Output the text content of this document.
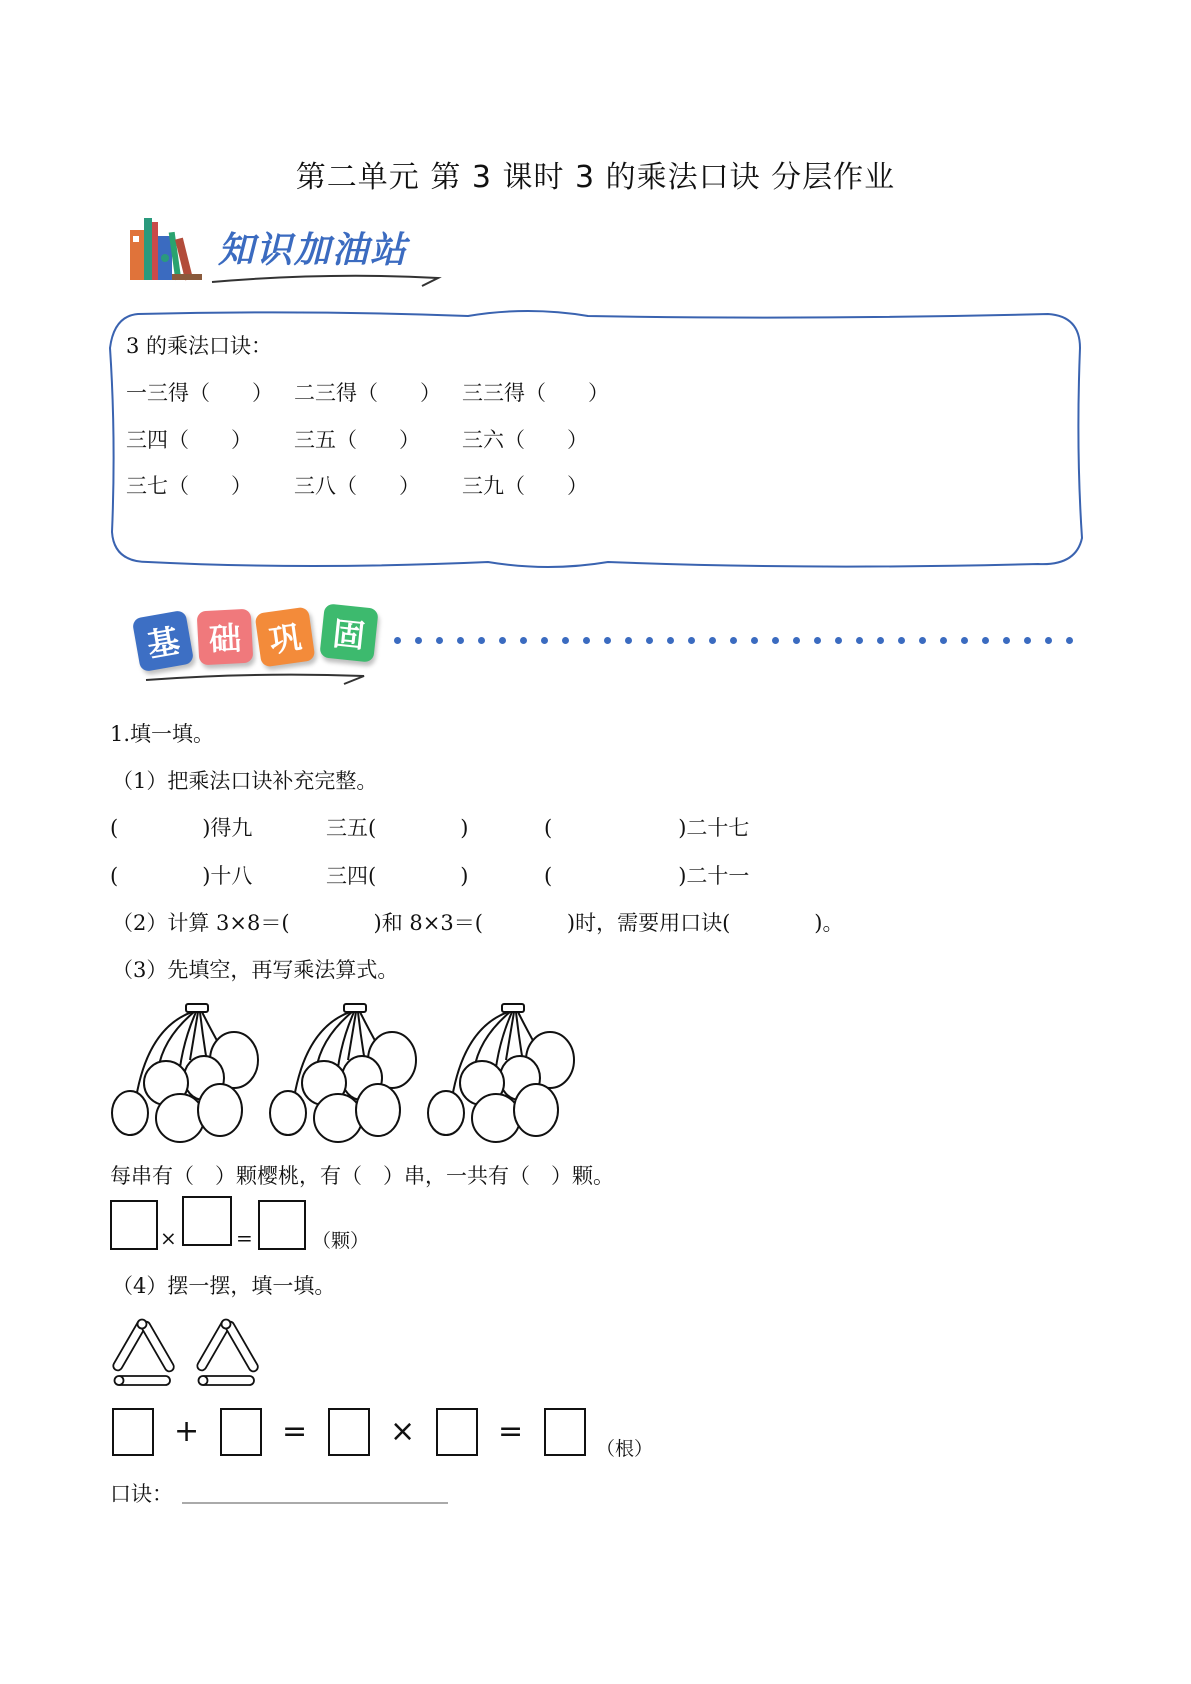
第二单元 第 3 课时 3 的乘法口诀 分层作业
知识加油站
3 的乘法口诀：
一三得（　　） 二三得（　　） 三三得（　　）
三四（　　） 三五（　　） 三六（　　）
三七（　　） 三八（　　） 三九（　　）
基 础 巩 固
1.填一填。
（1）把乘法口诀补充完整。
(　　　　)得九	三五(　　　　)	(　　　　　　)二十七
(　　　　)十八	三四(　　　　)	(　　　　　　)二十一
（2）计算 3×8＝(　　　　)和 8×3＝(　　　　)时，需要用口诀(　　　　)。
（3）先填空，再写乘法算式。
每串有（　）颗樱桃，有（　）串，一共有（　）颗。
×	=	（颗）
（4）摆一摆，填一填。
+	=	×	=	（根）
口诀：
